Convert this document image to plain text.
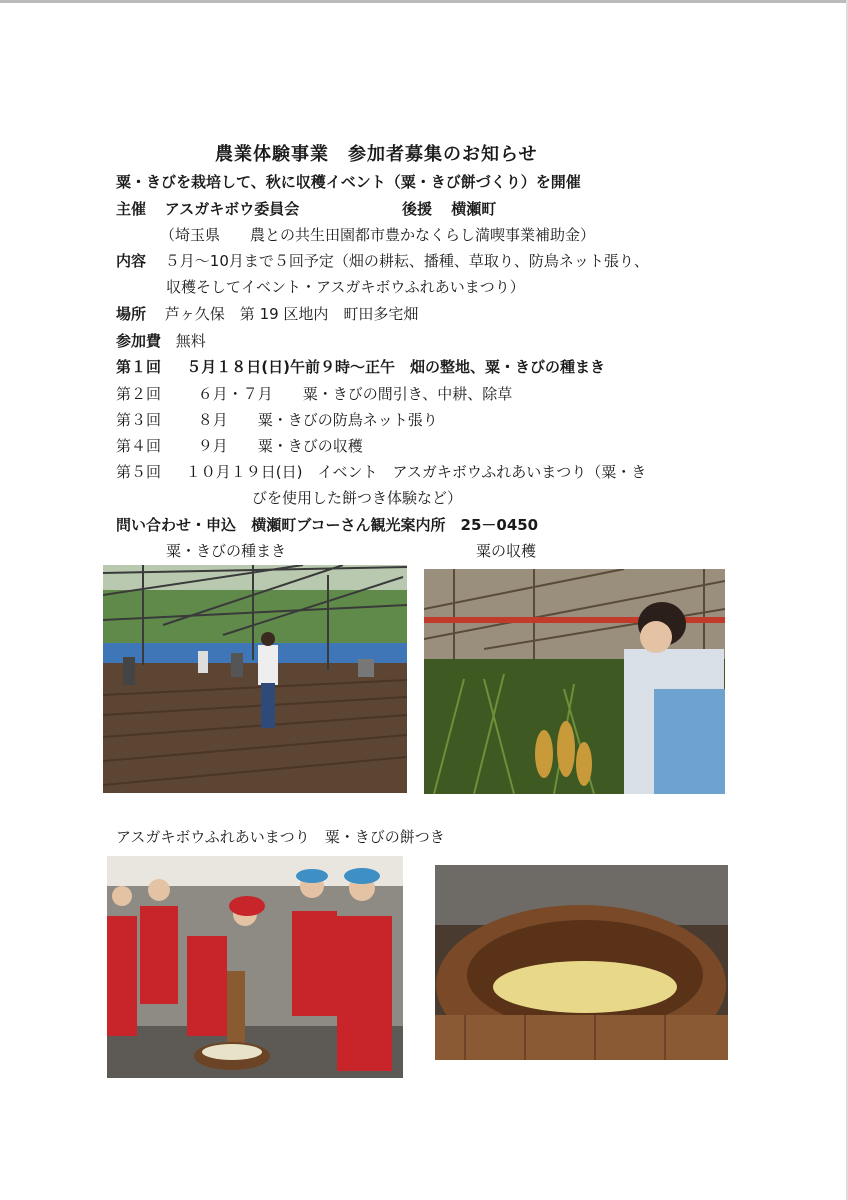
農業体験事業　参加者募集のお知らせ
粟・きびを栽培して、秋に収穫イベント（粟・きび餅づくり）を開催
主催 アスガキボウ委員会	後援 横瀬町
（埼玉県　　農との共生田園都市豊かなくらし満喫事業補助金）
内容 ５月～10月まで５回予定（畑の耕耘、播種、草取り、防鳥ネット張り、
収穫そしてイベント・アスガキボウふれあいまつり）
場所 芦ヶ久保　第 19 区地内　町田多宅畑
参加費 無料
第１回 ５月１８日(日)午前９時～正午　畑の整地、粟・きびの種まき
第２回 ６月・７月　　粟・きびの間引き、中耕、除草
第３回 ８月　　粟・きびの防鳥ネット張り
第４回 ９月　　粟・きびの収穫
第５回 １０月１９日(日)　イベント　アスガキボウふれあいまつり（粟・き
びを使用した餅つき体験など）
問い合わせ・申込 横瀬町ブコーさん観光案内所　25－0450
粟・きびの種まき	粟の収穫
アスガキボウふれあいまつり　粟・きびの餅つき
